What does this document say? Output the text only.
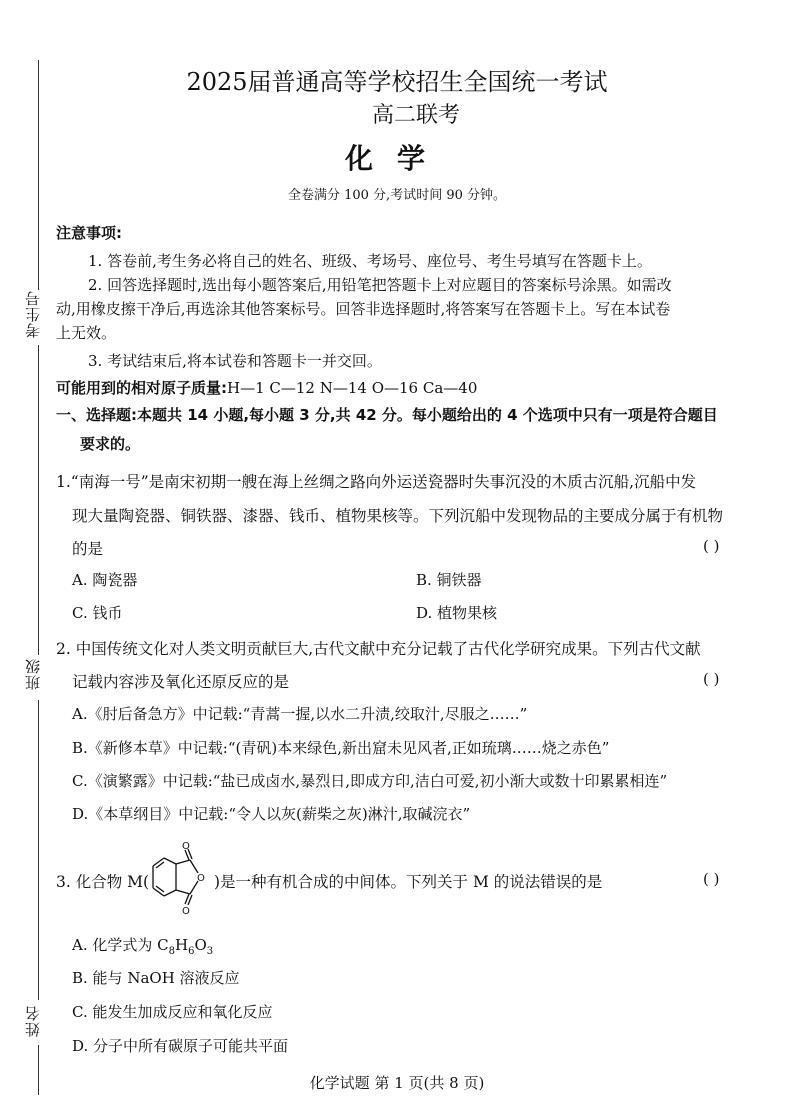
考生号
班级
姓名
2025届普通高等学校招生全国统一考试
高二联考
化学
全卷满分 100 分,考试时间 90 分钟。
注意事项:
1. 答卷前,考生务必将自己的姓名、班级、考场号、座位号、考生号填写在答题卡上。
2. 回答选择题时,选出每小题答案后,用铅笔把答题卡上对应题目的答案标号涂黑。如需改
动,用橡皮擦干净后,再选涂其他答案标号。回答非选择题时,将答案写在答题卡上。写在本试卷
上无效。
3. 考试结束后,将本试卷和答题卡一并交回。
可能用到的相对原子质量:H—1 C—12 N—14 O—16 Ca—40
一、选择题:本题共 14 小题,每小题 3 分,共 42 分。每小题给出的 4 个选项中只有一项是符合题目
要求的。
1.“南海一号”是南宋初期一艘在海上丝绸之路向外运送瓷器时失事沉没的木质古沉船,沉船中发
现大量陶瓷器、铜铁器、漆器、钱币、植物果核等。下列沉船中发现物品的主要成分属于有机物
的是	( )
A. 陶瓷器	B. 铜铁器
C. 钱币	D. 植物果核
2. 中国传统文化对人类文明贡献巨大,古代文献中充分记载了古代化学研究成果。下列古代文献
记载内容涉及氧化还原反应的是	( )
A.《肘后备急方》中记载:“青蒿一握,以水二升渍,绞取汁,尽服之……”
B.《新修本草》中记载:“(青矾)本来绿色,新出窟未见风者,正如琉璃……烧之赤色”
C.《演繁露》中记载:“盐已成卤水,暴烈日,即成方印,洁白可爱,初小渐大或数十印累累相连”
D.《本草纲目》中记载:“令人以灰(薪柴之灰)淋汁,取碱浣衣”
3. 化合物 M(
O
O
O
)是一种有机合成的中间体。下列关于 M 的说法错误的是	( )
A. 化学式为 $C_8H_6O_3$
B. 能与 NaOH 溶液反应
C. 能发生加成反应和氧化反应
D. 分子中所有碳原子可能共平面
化学试题 第 1 页(共 8 页)
